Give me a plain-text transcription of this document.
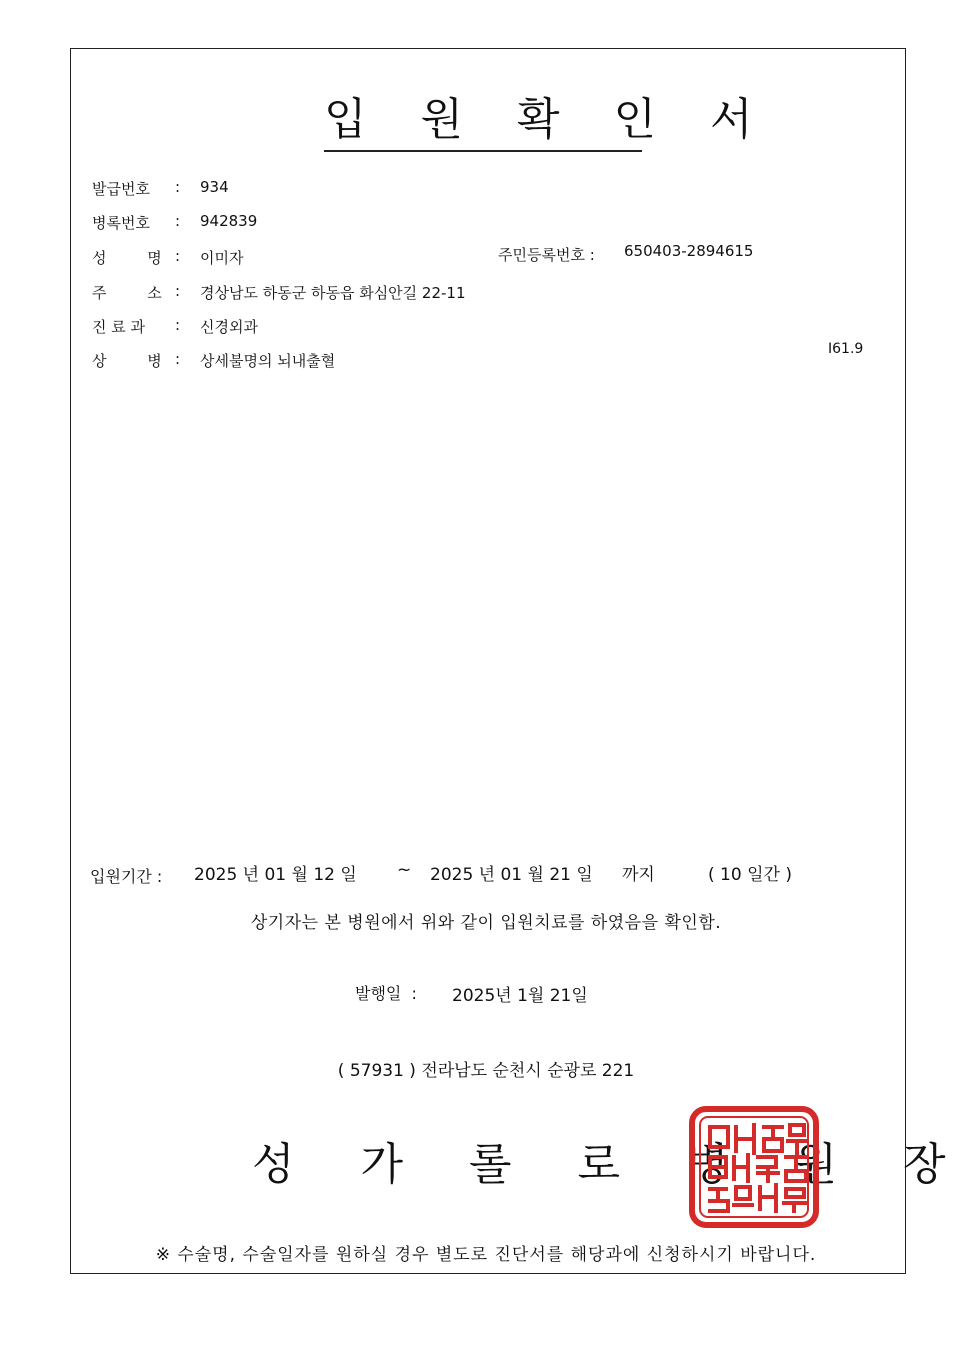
입 원 확 인 서
발급번호 : 934
병록번호 : 942839
성 명 : 이미자	주민등록번호 : 650403-2894615
주 소 : 경상남도 하동군 하동읍 화심안길 22-11
진 료 과 : 신경외과
상 병 : 상세불명의 뇌내출혈
I61.9
입원기간 : 2025 년 01 월 12 일 ~ 2025 년 01 월 21 일 까지	( 10 일간 )
상기자는 본 병원에서 위와 같이 입원치료를 하였음을 확인함.
발행일  : 2025년 1월 21일
( 57931 ) 전라남도 순천시 순광로 221
성 가 롤 로 병 원 장
※ 수술명, 수술일자를 원하실 경우 별도로 진단서를 해당과에 신청하시기 바랍니다.
